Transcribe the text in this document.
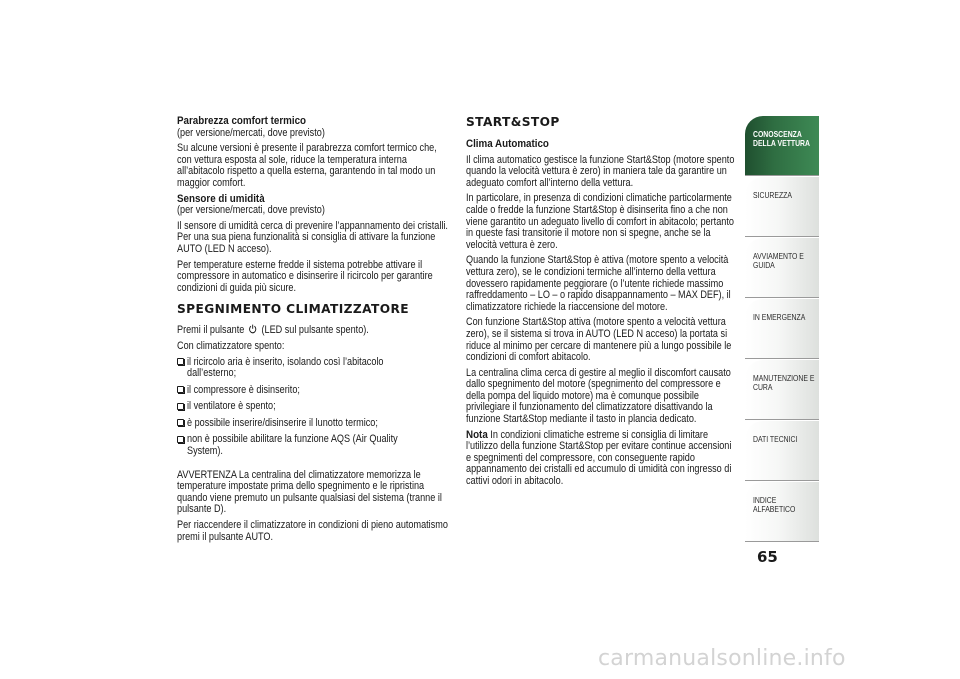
Parabrezza comfort termico

(per versione/mercati, dove previsto)

Su alcune versioni è presente il parabrezza comfort termico che, con vettura esposta al sole, riduce la temperatura interna all’abitacolo rispetto a quella esterna, garantendo in tal modo un maggior comfort.

Sensore di umidità

(per versione/mercati, dove previsto)

Il sensore di umidità cerca di prevenire l’appannamento dei cristalli. Per una sua piena funzionalità si consiglia di attivare la funzione AUTO (LED N acceso).

Per temperature esterne fredde il sistema potrebbe attivare il compressore in automatico e disinserire il ricircolo per garantire condizioni di guida più sicure.

SPEGNIMENTO CLIMATIZZATORE

Premi il pulsante (LED sul pulsante spento).

Con climatizzatore spento:

il ricircolo aria è inserito, isolando così l’abitacolo dall’esterno;
il compressore è disinserito;
il ventilatore è spento;
è possibile inserire/disinserire il lunotto termico;
non è possibile abilitare la funzione AQS (Air Quality System).

AVVERTENZA La centralina del climatizzatore memorizza le temperature impostate prima dello spegnimento e le ripristina quando viene premuto un pulsante qualsiasi del sistema (tranne il pulsante D).

Per riaccendere il climatizzatore in condizioni di pieno automatismo premi il pulsante AUTO.

START&STOP
Clima Automatico

Il clima automatico gestisce la funzione Start&Stop (motore spento quando la velocità vettura è zero) in maniera tale da garantire un adeguato comfort all’interno della vettura.

In particolare, in presenza di condizioni climatiche particolarmente calde o fredde la funzione Start&Stop è disinserita fino a che non viene garantito un adeguato livello di comfort in abitacolo; pertanto in queste fasi transitorie il motore non si spegne, anche se la velocità vettura è zero.

Quando la funzione Start&Stop è attiva (motore spento a velocità vettura zero), se le condizioni termiche all’interno della vettura dovessero rapidamente peggiorare (o l’utente richiede massimo raffreddamento – LO – o rapido disappannamento – MAX DEF), il climatizzatore richiede la riaccensione del motore.

Con funzione Start&Stop attiva (motore spento a velocità vettura zero), se il sistema si trova in AUTO (LED N acceso) la portata si riduce al minimo per cercare di mantenere più a lungo possibile le condizioni di comfort abitacolo.

La centralina clima cerca di gestire al meglio il discomfort causato dallo spegnimento del motore (spegnimento del compressore e della pompa del liquido motore) ma è comunque possibile privilegiare il funzionamento del climatizzatore disattivando la funzione Start&Stop mediante il tasto in plancia dedicato.

Nota In condizioni climatiche estreme si consiglia di limitare l’utilizzo della funzione Start&Stop per evitare continue accensioni e spegnimenti del compressore, con conseguente rapido appannamento dei cristalli ed accumulo di umidità con ingresso di cattivi odori in abitacolo.

CONOSCENZA DELLA VETTURA
SICUREZZA
AVVIAMENTO E GUIDA
IN EMERGENZA
MANUTENZIONE E CURA
DATI TECNICI
INDICE ALFABETICO
65
carmanualsonline.info
